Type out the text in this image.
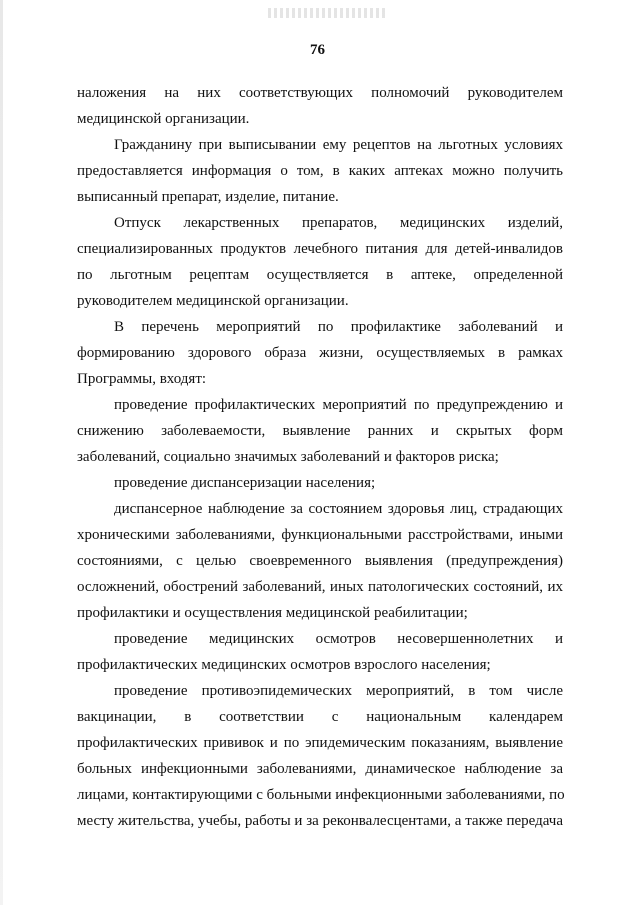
76
наложения на них соответствующих полномочий руководителем
медицинской организации.
Гражданину при выписывании ему рецептов на льготных условиях
предоставляется информация о том, в каких аптеках можно получить
выписанный препарат, изделие, питание.
Отпуск лекарственных препаратов, медицинских изделий,
специализированных продуктов лечебного питания для детей-инвалидов
по льготным рецептам осуществляется в аптеке, определенной
руководителем медицинской организации.
В перечень мероприятий по профилактике заболеваний и
формированию здорового образа жизни, осуществляемых в рамках
Программы, входят:
проведение профилактических мероприятий по предупреждению и
снижению заболеваемости, выявление ранних и скрытых форм
заболеваний, социально значимых заболеваний и факторов риска;
проведение диспансеризации населения;
диспансерное наблюдение за состоянием здоровья лиц, страдающих
хроническими заболеваниями, функциональными расстройствами, иными
состояниями, с целью своевременного выявления (предупреждения)
осложнений, обострений заболеваний, иных патологических состояний, их
профилактики и осуществления медицинской реабилитации;
проведение медицинских осмотров несовершеннолетних и
профилактических медицинских осмотров взрослого населения;
проведение противоэпидемических мероприятий, в том числе
вакцинации, в соответствии с национальным календарем
профилактических прививок и по эпидемическим показаниям, выявление
больных инфекционными заболеваниями, динамическое наблюдение за
лицами, контактирующими с больными инфекционными заболеваниями, по
месту жительства, учебы, работы и за реконвалесцентами, а также передача
